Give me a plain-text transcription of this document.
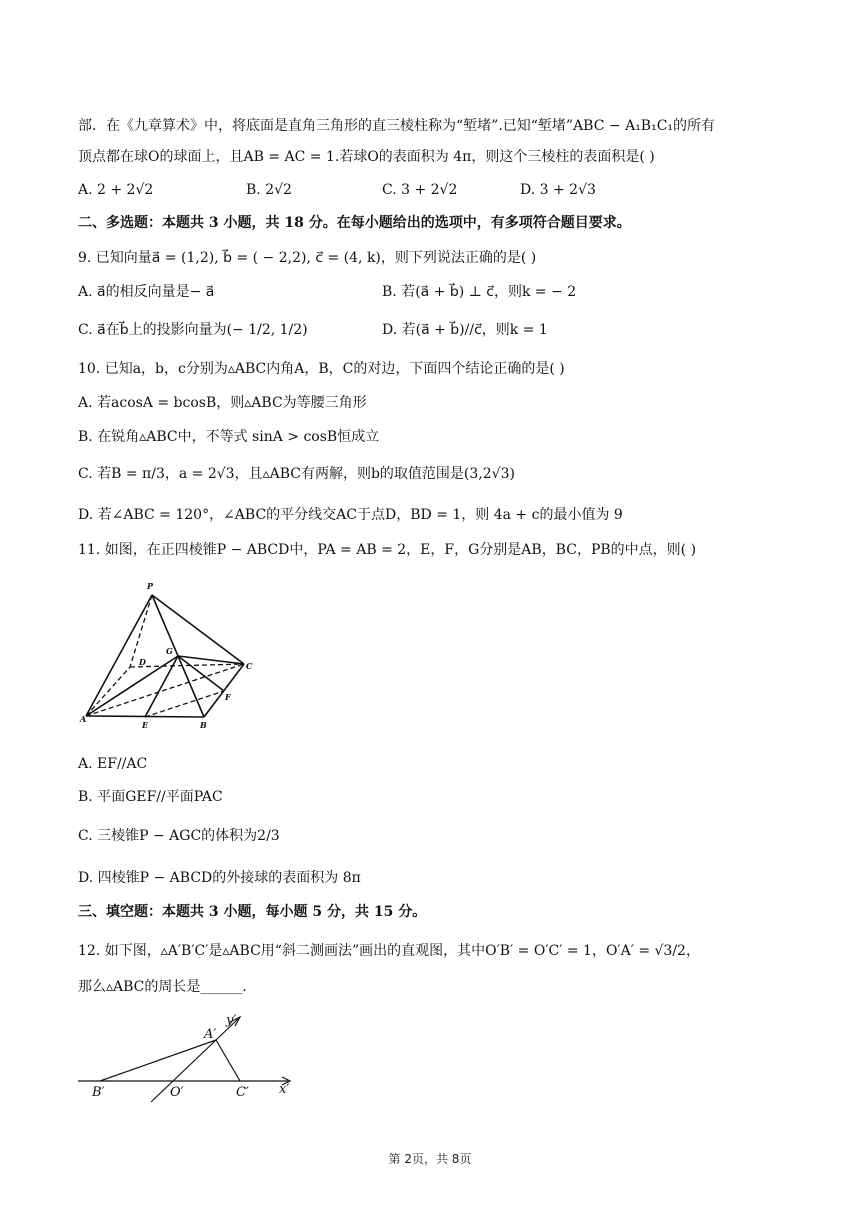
部．在《九章算术》中，将底面是直角三角形的直三棱柱称为“堑堵”.已知“堑堵”ABC − A₁B₁C₁的所有
顶点都在球O的球面上，且AB = AC = 1.若球O的表面积为 4π，则这个三棱柱的表面积是( )
A. 2 + 2√2	B. 2√2	C. 3 + 2√2	D. 3 + 2√3
二、多选题：本题共 3 小题，共 18 分。在每小题给出的选项中，有多项符合题目要求。
9. 已知向量a⃗ = (1,2), b⃗ = ( − 2,2), c⃗ = (4, k)，则下列说法正确的是( )
A. a⃗的相反向量是− a⃗	B. 若(a⃗ + b⃗) ⊥ c⃗，则k = − 2
C. a⃗在b⃗上的投影向量为(− 1/2, 1/2)	D. 若(a⃗ + b⃗)//c⃗，则k = 1
10. 已知a，b，c分别为▵ABC内角A，B，C的对边，下面四个结论正确的是( )
A. 若acosA = bcosB，则▵ABC为等腰三角形
B. 在锐角▵ABC中，不等式 sinA > cosB恒成立
C. 若B = π/3，a = 2√3，且▵ABC有两解，则b的取值范围是(3,2√3)
D. 若∠ABC = 120°，∠ABC的平分线交AC于点D，BD = 1，则 4a + c的最小值为 9
11. 如图，在正四棱锥P − ABCD中，PA = AB = 2，E，F，G分别是AB，BC，PB的中点，则( )
P
D
G
C
F
A
E	B
A. EF//AC
B. 平面GEF//平面PAC
C. 三棱锥P − AGC的体积为2/3
D. 四棱锥P − ABCD的外接球的表面积为 8π
三、填空题：本题共 3 小题，每小题 5 分，共 15 分。
12. 如下图，▵A′B′C′是▵ABC用“斜二测画法”画出的直观图，其中O′B′ = O′C′ = 1，O′A′ = √3/2，
那么▵ABC的周长是______.
A′
y′
B′	O′	C′ x′
第 2页，共 8页
